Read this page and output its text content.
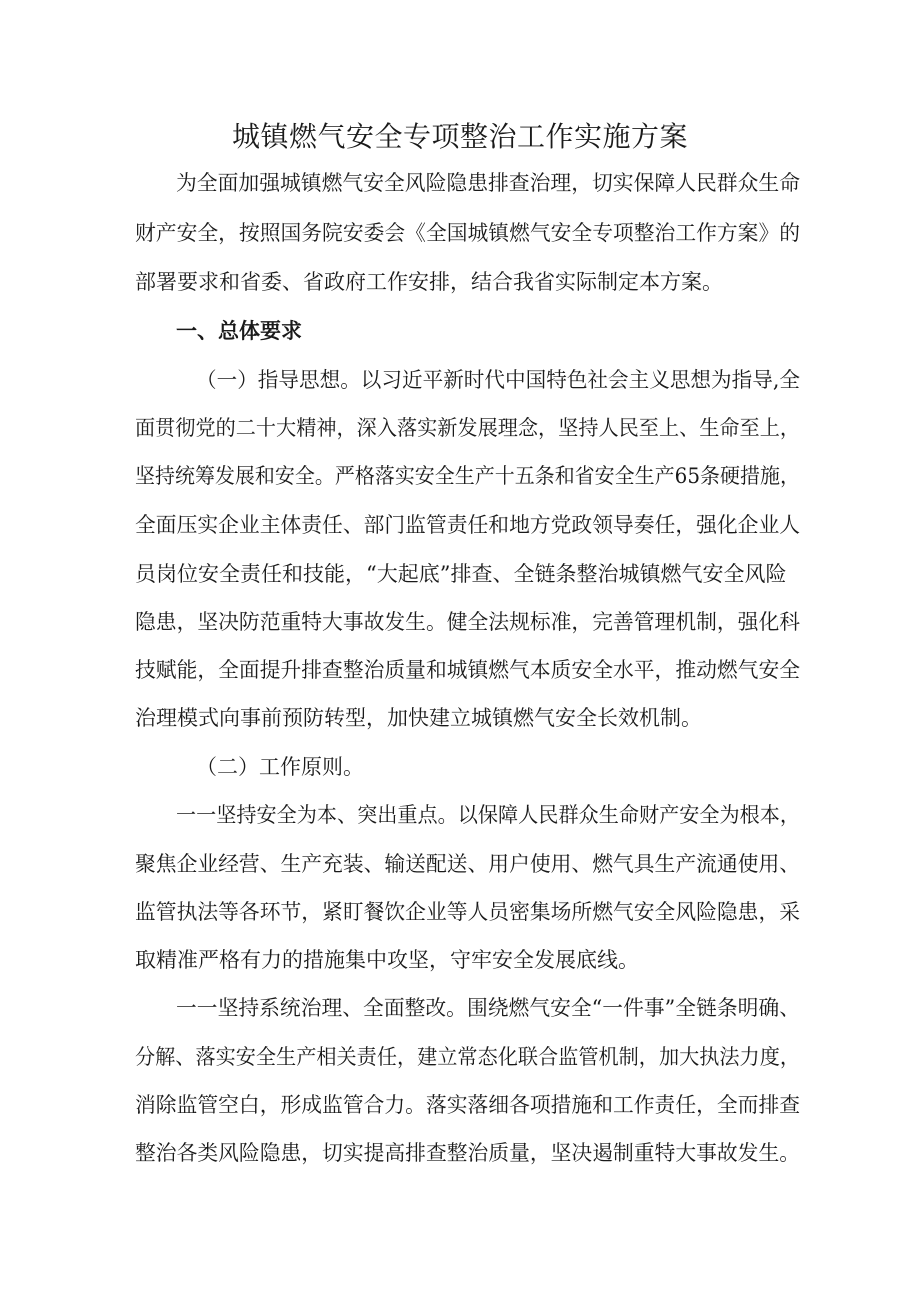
城镇燃气安全专项整治工作实施方案

为全面加强城镇燃气安全风险隐患排查治理，切实保障人民群众生命

财产安全，按照国务院安委会《全国城镇燃气安全专项整治工作方案》的

部署要求和省委、省政府工作安排，结合我省实际制定本方案。

一、总体要求

（一）指导思想。以习近平新时代中国特色社会主义思想为指导,全

面贯彻党的二十大精神，深入落实新发展理念，坚持人民至上、生命至上，

坚持统筹发展和安全。严格落实安全生产十五条和省安全生产65条硬措施，

全面压实企业主体责任、部门监管责任和地方党政领导奏任，强化企业人

员岗位安全责任和技能，“大起底”排查、全链条整治城镇燃气安全风险

隐患，坚决防范重特大事故发生。健全法规标准，完善管理机制，强化科

技赋能，全面提升排查整治质量和城镇燃气本质安全水平，推动燃气安全

治理模式向事前预防转型，加快建立城镇燃气安全长效机制。

（二）工作原则。

一一坚持安全为本、突出重点。以保障人民群众生命财产安全为根本，

聚焦企业经营、生产充装、输送配送、用户使用、燃气具生产流通使用、

监管执法等各环节，紧盯餐饮企业等人员密集场所燃气安全风险隐患，采

取精准严格有力的措施集中攻坚，守牢安全发展底线。

一一坚持系统治理、全面整改。围绕燃气安全“一件事”全链条明确、

分解、落实安全生产相关责任，建立常态化联合监管机制，加大执法力度，

消除监管空白，形成监管合力。落实落细各项措施和工作责任，全而排查

整治各类风险隐患，切实提高排查整治质量，坚决遏制重特大事故发生。
